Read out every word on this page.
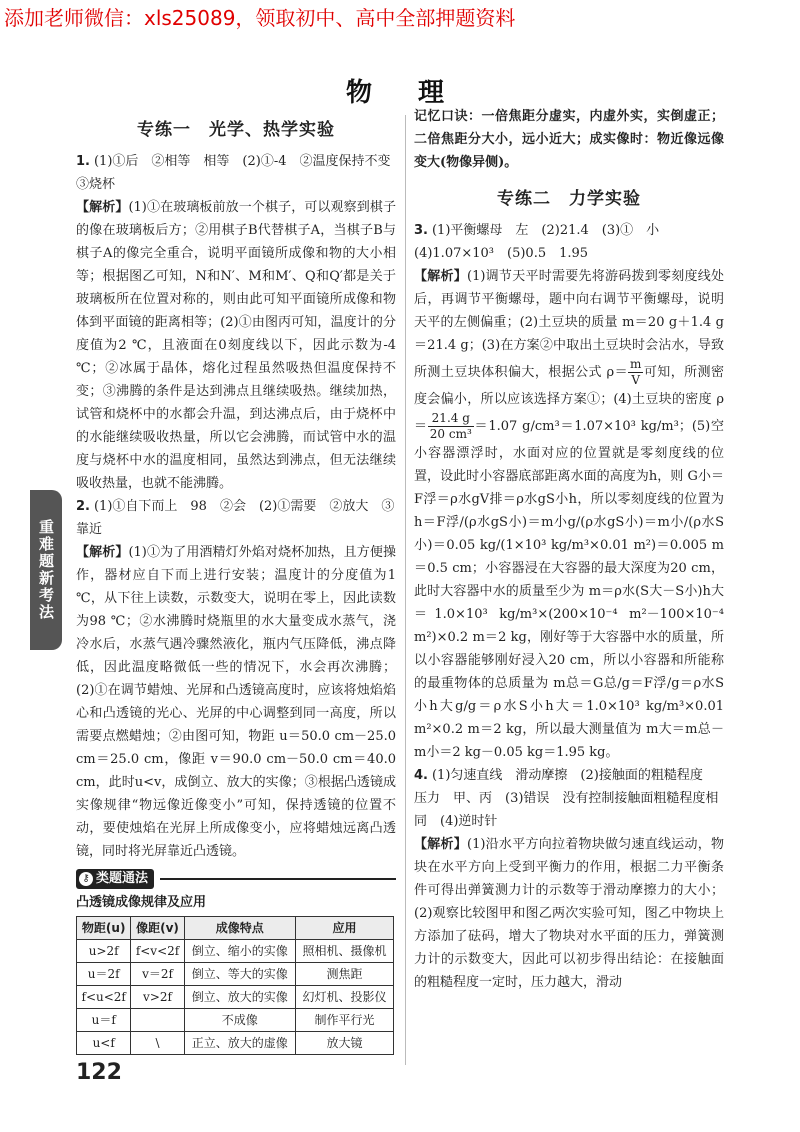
添加老师微信：xls25089，领取初中、高中全部押题资料
物　理
重难题新考法
专练一　光学、热学实验

1. (1)①后　②相等　相等　(2)①-4　②温度保持不变　③烧杯

【解析】(1)①在玻璃板前放一个棋子，可以观察到棋子的像在玻璃板后方；②用棋子B代替棋子A，当棋子B与棋子A的像完全重合，说明平面镜所成像和物的大小相等；根据图乙可知，N和N′、M和M′、Q和Q′都是关于玻璃板所在位置对称的，则由此可知平面镜所成像和物体到平面镜的距离相等；(2)①由图丙可知，温度计的分度值为2 ℃，且液面在0刻度线以下，因此示数为-4 ℃；②冰属于晶体，熔化过程虽然吸热但温度保持不变；③沸腾的条件是达到沸点且继续吸热。继续加热，试管和烧杯中的水都会升温，到达沸点后，由于烧杯中的水能继续吸收热量，所以它会沸腾，而试管中水的温度与烧杯中水的温度相同，虽然达到沸点，但无法继续吸收热量，也就不能沸腾。

2. (1)①自下而上　98　②会　(2)①需要　②放大　③靠近

【解析】(1)①为了用酒精灯外焰对烧杯加热，且方便操作，器材应自下而上进行安装；温度计的分度值为1 ℃，从下往上读数，示数变大，说明在零上，因此读数为98 ℃；②水沸腾时烧瓶里的水大量变成水蒸气，浇冷水后，水蒸气遇冷骤然液化，瓶内气压降低，沸点降低，因此温度略微低一些的情况下，水会再次沸腾；(2)①在调节蜡烛、光屏和凸透镜高度时，应该将烛焰焰心和凸透镜的光心、光屏的中心调整到同一高度，所以需要点燃蜡烛；②由图可知，物距 u＝50.0 cm－25.0 cm＝25.0 cm，像距 v＝90.0 cm－50.0 cm＝40.0 cm，此时u<v，成倒立、放大的实像；③根据凸透镜成实像规律“物远像近像变小”可知，保持透镜的位置不动，要使烛焰在光屏上所成像变小，应将蜡烛远离凸透镜，同时将光屏靠近凸透镜。

⚷ 类题通法
凸透镜成像规律及应用
物距(u)	像距(v)	成像特点	应用
u>2f	f<v<2f	倒立、缩小的实像	照相机、摄像机
u＝2f	v＝2f	倒立、等大的实像	测焦距
f<u<2f	v>2f	倒立、放大的实像	幻灯机、投影仪
u＝f		不成像	制作平行光
u<f	\	正立、放大的虚像	放大镜

记忆口诀：一倍焦距分虚实，内虚外实，实倒虚正；二倍焦距分大小，远小近大；成实像时：物近像远像变大(物像异侧)。

专练二　力学实验

3. (1)平衡螺母　左　(2)21.4　(3)①　小　(4)1.07×10³　(5)0.5　1.95

【解析】(1)调节天平时需要先将游码拨到零刻度线处后，再调节平衡螺母，题中向右调节平衡螺母，说明天平的左侧偏重；(2)土豆块的质量 m＝20 g＋1.4 g＝21.4 g；(3)在方案②中取出土豆块时会沾水，导致所测土豆块体积偏大，根据公式 $\rho= \frac{m}{V}$ 可知，所测密度会偏小，所以应该选择方案①；(4)土豆块的密度 $\rho= \frac{21.4 g}{\text{20 cm³}} =1.07$ g/cm³＝1.07×10³ kg/m³；(5)空小容器漂浮时，水面对应的位置就是零刻度线的位置，设此时小容器底部距离水面的高度为h，则 G小＝F浮＝ρ水gV排＝ρ水gS小h，所以零刻度线的位置为 h＝F浮/(ρ水gS小)＝m小g/(ρ水gS小)＝m小/(ρ水S小)＝0.05 kg/(1×10³ kg/m³×0.01 m²)＝0.005 m＝0.5 cm；小容器浸在大容器的最大深度为20 cm，此时大容器中水的质量至少为 m＝ρ水(S大－S小)h大＝1.0×10³ kg/m³×(200×10⁻⁴ m²－100×10⁻⁴ m²)×0.2 m＝2 kg，刚好等于大容器中水的质量，所以小容器能够刚好浸入20 cm，所以小容器和所能称的最重物体的总质量为 m总＝G总/g＝F浮/g＝ρ水S小h大g/g＝ρ水S小h大＝1.0×10³ kg/m³×0.01 m²×0.2 m＝2 kg，所以最大测量值为 m大＝m总－m小＝2 kg－0.05 kg＝1.95 kg。

4. (1)匀速直线　滑动摩擦　(2)接触面的粗糙程度　压力　甲、丙　(3)错误　没有控制接触面粗糙程度相同　(4)逆时针

【解析】(1)沿水平方向拉着物块做匀速直线运动，物块在水平方向上受到平衡力的作用，根据二力平衡条件可得出弹簧测力计的示数等于滑动摩擦力的大小；(2)观察比较图甲和图乙两次实验可知，图乙中物块上方添加了砝码，增大了物块对水平面的压力，弹簧测力计的示数变大，因此可以初步得出结论：在接触面的粗糙程度一定时，压力越大，滑动

122
